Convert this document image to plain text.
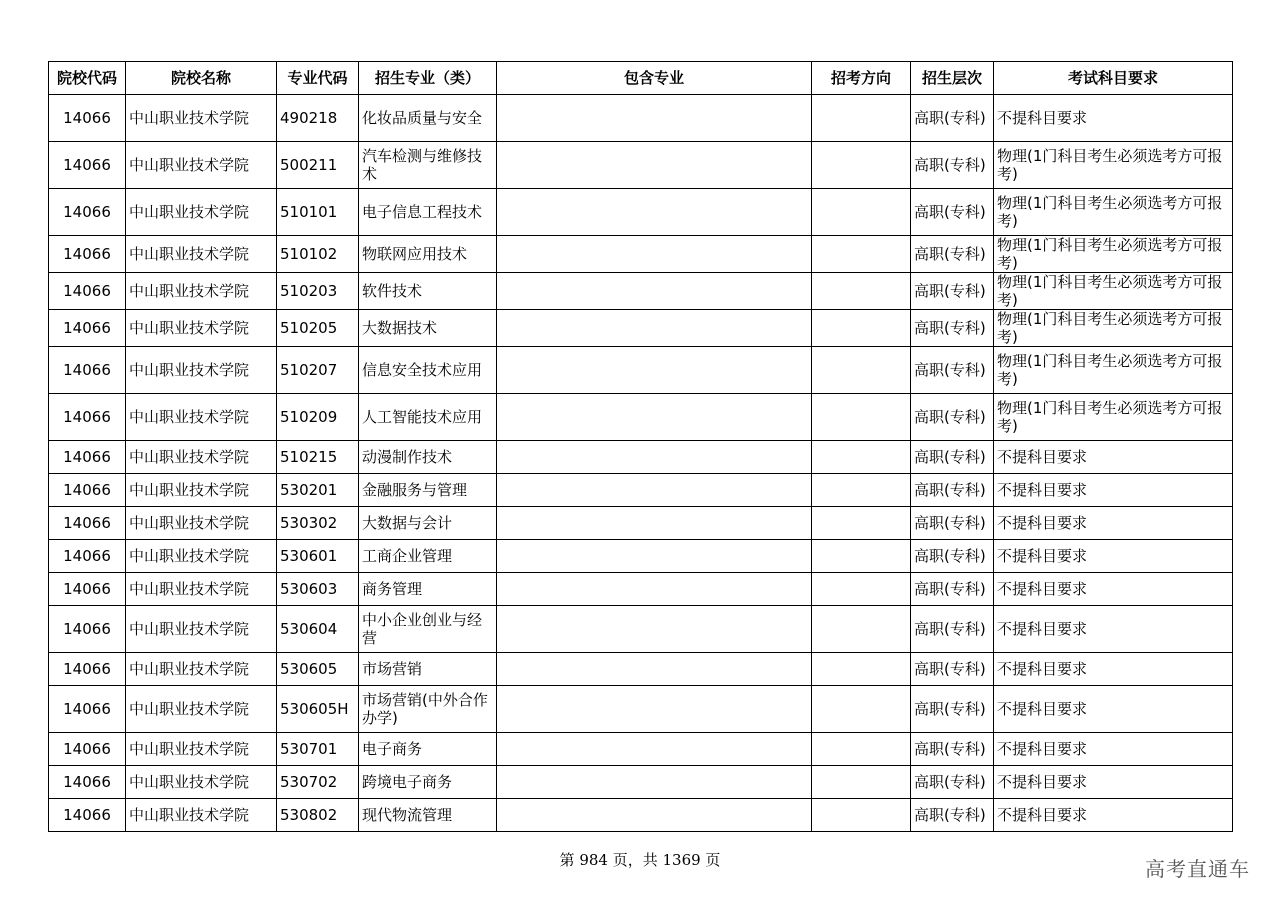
院校代码	院校名称	专业代码	招生专业（类）	包含专业	招考方向	招生层次	考试科目要求
14066	中山职业技术学院	490218	化妆品质量与安全			高职(专科)	不提科目要求
14066	中山职业技术学院	500211	汽车检测与维修技术			高职(专科)	物理(1门科目考生必须选考方可报考)
14066	中山职业技术学院	510101	电子信息工程技术			高职(专科)	物理(1门科目考生必须选考方可报考)
14066	中山职业技术学院	510102	物联网应用技术			高职(专科)	物理(1门科目考生必须选考方可报考)
14066	中山职业技术学院	510203	软件技术			高职(专科)	物理(1门科目考生必须选考方可报考)
14066	中山职业技术学院	510205	大数据技术			高职(专科)	物理(1门科目考生必须选考方可报考)
14066	中山职业技术学院	510207	信息安全技术应用			高职(专科)	物理(1门科目考生必须选考方可报考)
14066	中山职业技术学院	510209	人工智能技术应用			高职(专科)	物理(1门科目考生必须选考方可报考)
14066	中山职业技术学院	510215	动漫制作技术			高职(专科)	不提科目要求
14066	中山职业技术学院	530201	金融服务与管理			高职(专科)	不提科目要求
14066	中山职业技术学院	530302	大数据与会计			高职(专科)	不提科目要求
14066	中山职业技术学院	530601	工商企业管理			高职(专科)	不提科目要求
14066	中山职业技术学院	530603	商务管理			高职(专科)	不提科目要求
14066	中山职业技术学院	530604	中小企业创业与经营			高职(专科)	不提科目要求
14066	中山职业技术学院	530605	市场营销			高职(专科)	不提科目要求
14066	中山职业技术学院	530605H	市场营销(中外合作办学)			高职(专科)	不提科目要求
14066	中山职业技术学院	530701	电子商务			高职(专科)	不提科目要求
14066	中山职业技术学院	530702	跨境电子商务			高职(专科)	不提科目要求
14066	中山职业技术学院	530802	现代物流管理			高职(专科)	不提科目要求
第 984 页，共 1369 页	高考直通车
